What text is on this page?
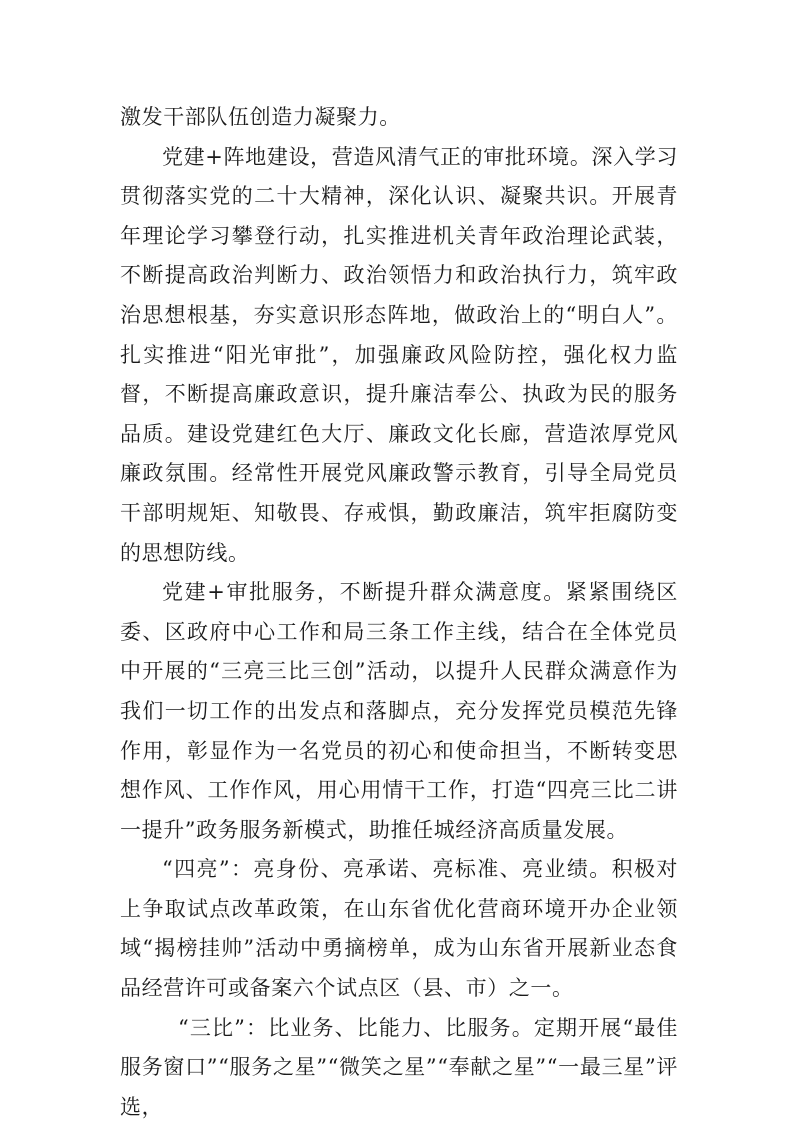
激发干部队伍创造力凝聚力。

党建+阵地建设，营造风清气正的审批环境。深入学习贯彻落实党的二十大精神，深化认识、凝聚共识。开展青年理论学习攀登行动，扎实推进机关青年政治理论武装，不断提高政治判断力、政治领悟力和政治执行力，筑牢政治思想根基，夯实意识形态阵地，做政治上的“明白人”。扎实推进“阳光审批”，加强廉政风险防控，强化权力监督，不断提高廉政意识，提升廉洁奉公、执政为民的服务品质。建设党建红色大厅、廉政文化长廊，营造浓厚党风廉政氛围。经常性开展党风廉政警示教育，引导全局党员干部明规矩、知敬畏、存戒惧，勤政廉洁，筑牢拒腐防变的思想防线。

党建+审批服务，不断提升群众满意度。紧紧围绕区委、区政府中心工作和局三条工作主线，结合在全体党员中开展的“三亮三比三创”活动，以提升人民群众满意作为我们一切工作的出发点和落脚点，充分发挥党员模范先锋作用，彰显作为一名党员的初心和使命担当，不断转变思想作风、工作作风，用心用情干工作，打造“四亮三比二讲一提升”政务服务新模式，助推任城经济高质量发展。

“四亮”：亮身份、亮承诺、亮标准、亮业绩。积极对上争取试点改革政策，在山东省优化营商环境开办企业领域“揭榜挂帅”活动中勇摘榜单，成为山东省开展新业态食品经营许可或备案六个试点区（县、市）之一。

“三比”：比业务、比能力、比服务。定期开展“最佳服务窗口”“服务之星”“微笑之星”“奉献之星”“一最三星”评选，
